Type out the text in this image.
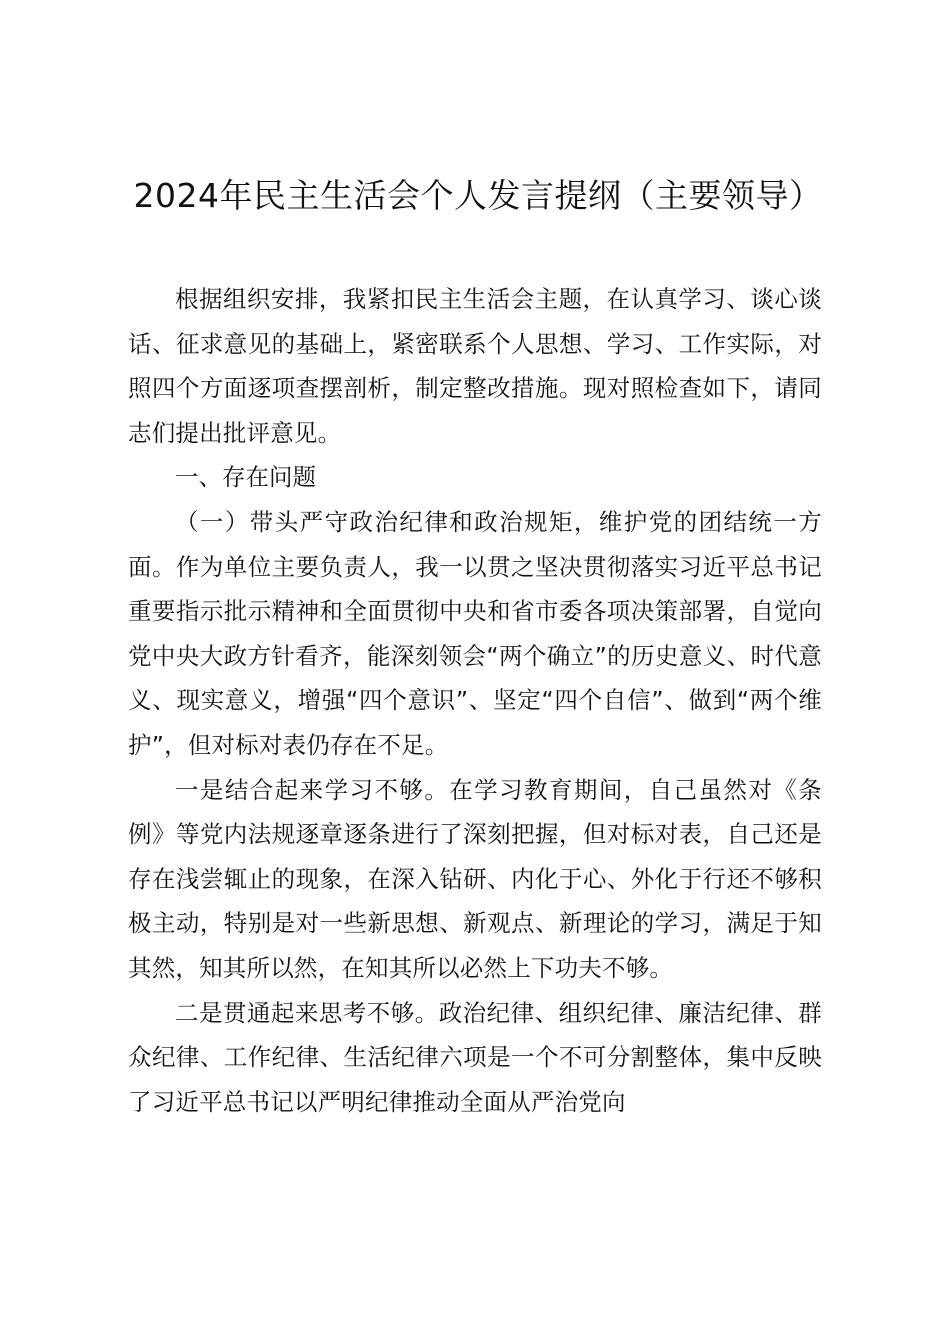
2024年民主生活会个人发言提纲（主要领导）

根据组织安排，我紧扣民主生活会主题，在认真学习、谈心谈话、征求意见的基础上，紧密联系个人思想、学习、工作实际，对照四个方面逐项查摆剖析，制定整改措施。现对照检查如下，请同志们提出批评意见。

一、存在问题

（一）带头严守政治纪律和政治规矩，维护党的团结统一方面。作为单位主要负责人，我一以贯之坚决贯彻落实习近平总书记重要指示批示精神和全面贯彻中央和省市委各项决策部署，自觉向党中央大政方针看齐，能深刻领会“两个确立”的历史意义、时代意义、现实意义，增强“四个意识”、坚定“四个自信”、做到“两个维护”，但对标对表仍存在不足。

一是结合起来学习不够。在学习教育期间，自己虽然对《条例》等党内法规逐章逐条进行了深刻把握，但对标对表，自己还是存在浅尝辄止的现象，在深入钻研、内化于心、外化于行还不够积极主动，特别是对一些新思想、新观点、新理论的学习，满足于知其然，知其所以然，在知其所以必然上下功夫不够。

二是贯通起来思考不够。政治纪律、组织纪律、廉洁纪律、群众纪律、工作纪律、生活纪律六项是一个不可分割整体，集中反映了习近平总书记以严明纪律推动全面从严治党向
